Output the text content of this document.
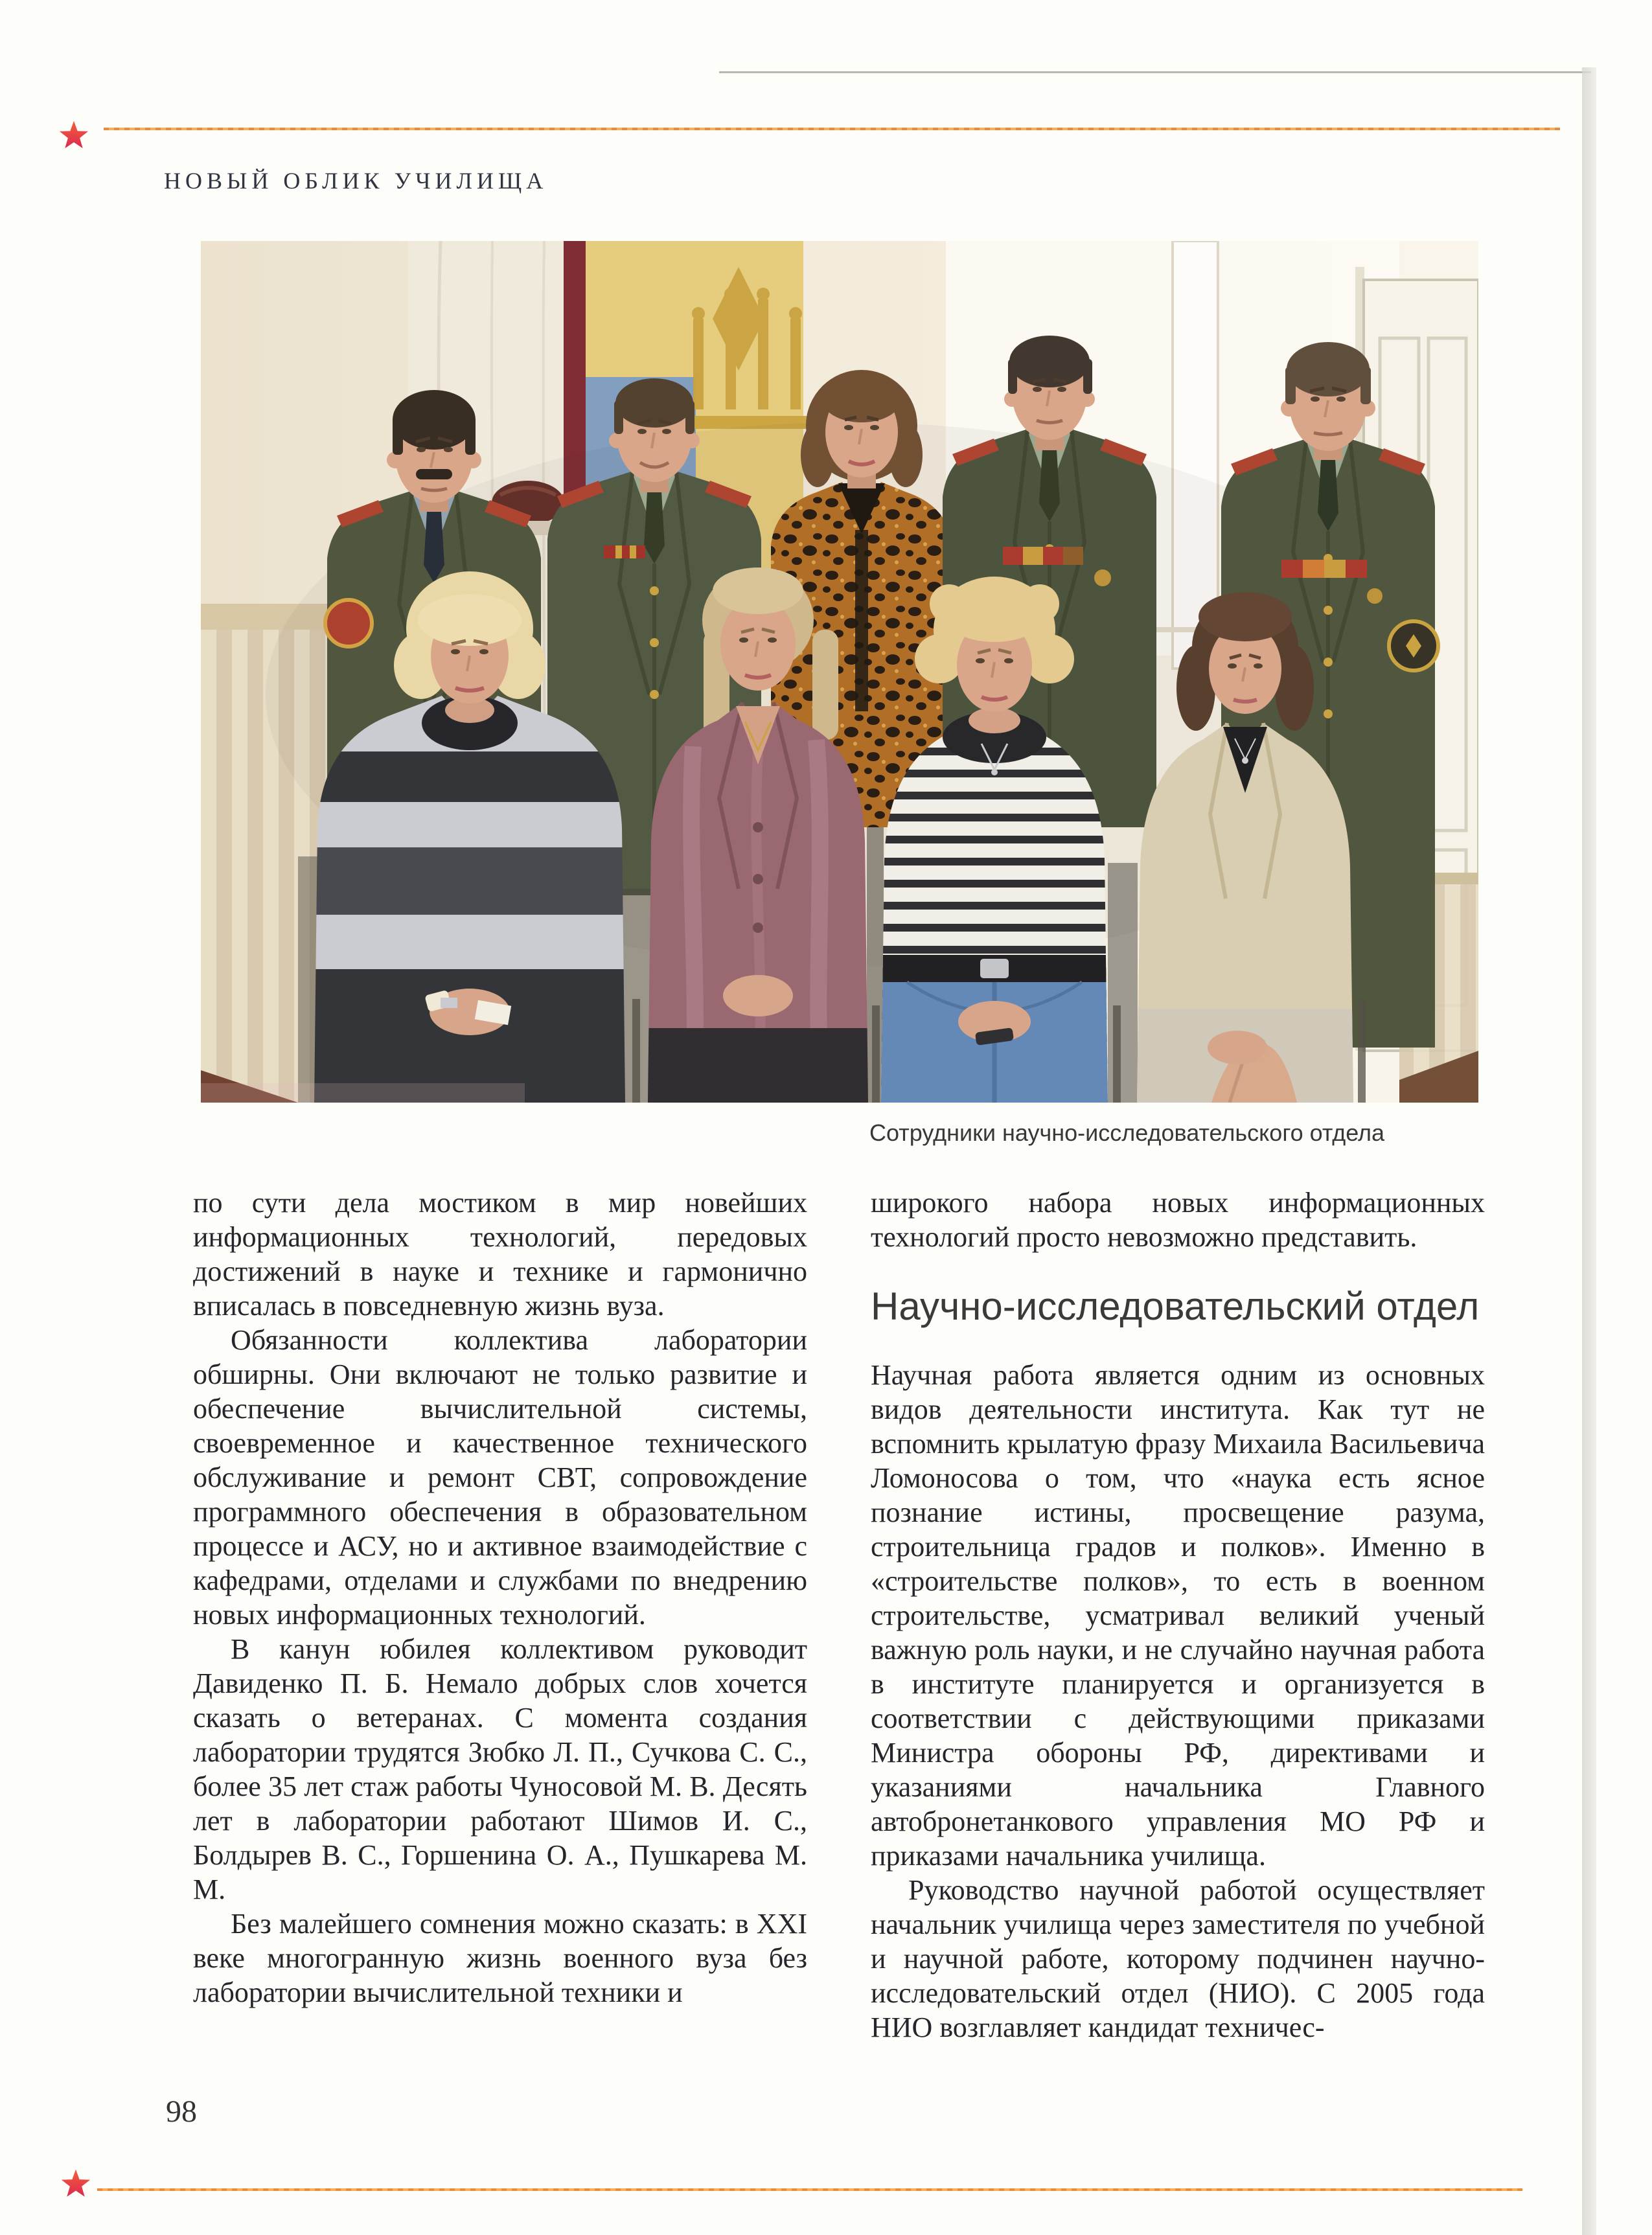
НОВЫЙ ОБЛИК УЧИЛИЩА
Сотрудники научно-исследовательского отдела

по сути дела мостиком в мир новейших информационных технологий, передовых достижений в науке и технике и гармонично вписалась в повседневную жизнь вуза.

Обязанности коллектива лаборатории обширны. Они включают не только развитие и обеспечение вычислительной системы, своевременное и качественное технического обслуживание и ремонт СВТ, сопровождение программного обеспечения в образовательном процессе и АСУ, но и активное взаимодействие с кафедрами, отделами и службами по внедрению новых информационных технологий.

В канун юбилея коллективом руководит Давиденко П. Б. Немало добрых слов хочется сказать о ветеранах. С момента создания лаборатории трудятся Зюбко Л. П., Сучкова С. С., более 35 лет стаж работы Чуносовой М. В. Десять лет в лаборатории работают Шимов И. С., Болдырев В. С., Горшенина О. А., Пушкарева М. М.

Без малейшего сомнения можно сказать: в XXI веке многогранную жизнь военного вуза без лаборатории вычислительной техники и

широкого набора новых информационных технологий просто невозможно представить.

Научно-исследовательский отдел

Научная работа является одним из основных видов деятельности института. Как тут не вспомнить крылатую фразу Михаила Васильевича Ломоносова о том, что «наука есть ясное познание истины, просвещение разума, строительница градов и полков». Именно в «строительстве полков», то есть в военном строительстве, усматривал великий ученый важную роль науки, и не случайно научная работа в институте планируется и организуется в соответствии с действующими приказами Министра обороны РФ, директивами и указаниями начальника Главного автобронетанкового управления МО РФ и приказами начальника училища.

Руководство научной работой осуществляет начальник училища через заместителя по учебной и научной работе, которому подчинен научно-исследовательский отдел (НИО). С 2005 года НИО возглавляет кандидат техничес-

98
